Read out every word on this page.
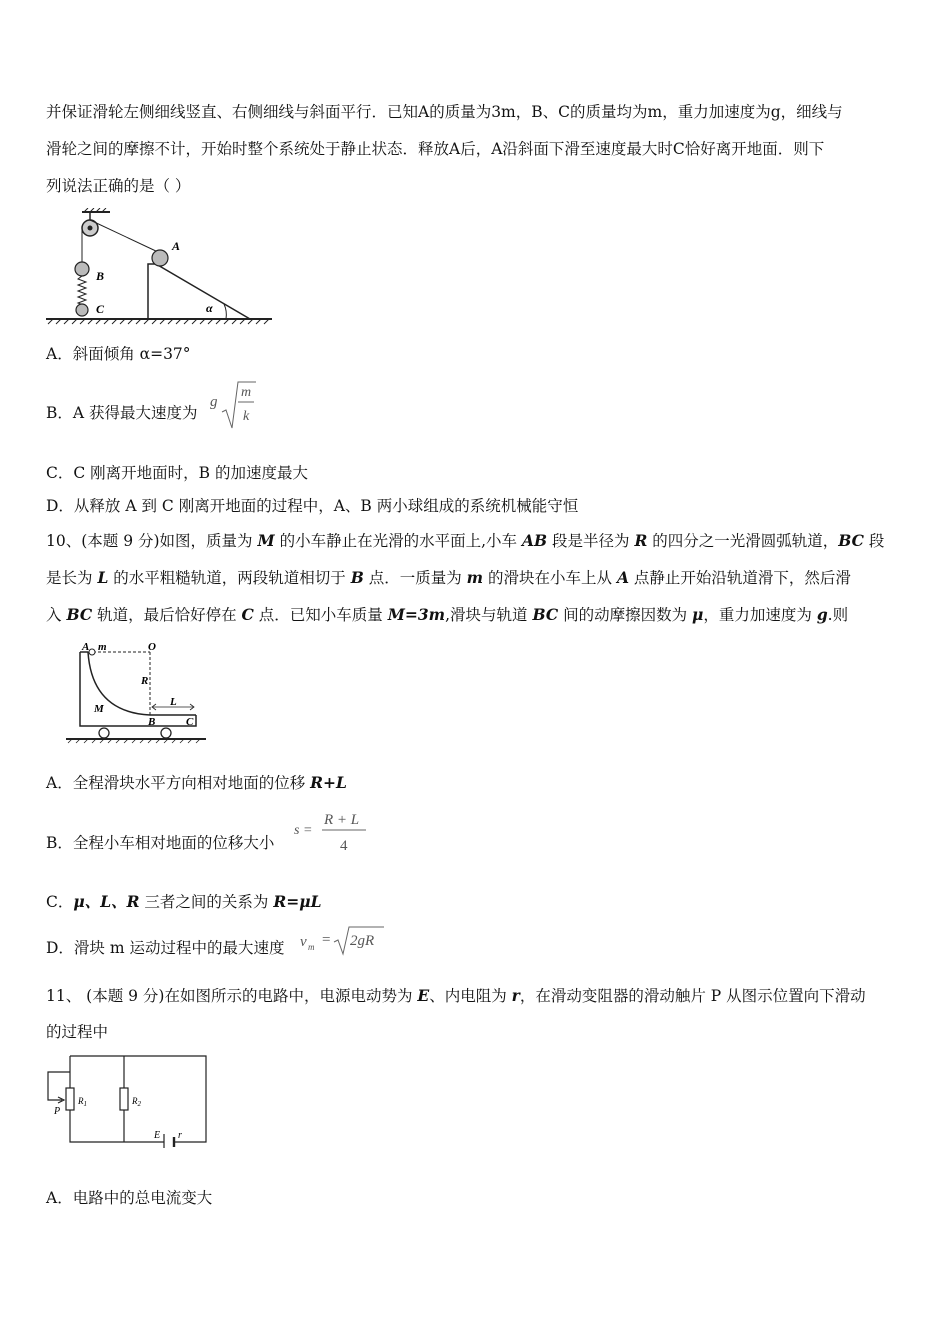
并保证滑轮左侧细线竖直、右侧细线与斜面平行．已知A的质量为3m，B、C的质量均为m，重力加速度为g，细线与
滑轮之间的摩擦不计，开始时整个系统处于静止状态．释放A后，A沿斜面下滑至速度最大时C恰好离开地面．则下
列说法正确的是（ ）
B
C
A
α
A．斜面倾角 α=37°
B．A 获得最大速度为
g
m
k
C．C 刚离开地面时，B 的加速度最大
D．从释放 A 到 C 刚离开地面的过程中，A、B 两小球组成的系统机械能守恒
10、(本题 9 分)如图，质量为 M 的小车静止在光滑的水平面上,小车 AB 段是半径为 R 的四分之一光滑圆弧轨道，BC 段
是长为 L 的水平粗糙轨道，两段轨道相切于 B 点．一质量为 m 的滑块在小车上从 A 点静止开始沿轨道滑下，然后滑
入 BC 轨道，最后恰好停在 C 点．已知小车质量 M=3m,滑块与轨道 BC 间的动摩擦因数为 μ，重力加速度为 g.则
A m	O
R
M
B
L
C
A．全程滑块水平方向相对地面的位移 R+L
B．全程小车相对地面的位移大小
s =
R + L
4
C．μ、L、R 三者之间的关系为 R=μL
D．滑块 m 运动过程中的最大速度	v m = 2gR
11、 (本题 9 分)在如图所示的电路中，电源电动势为 E、内电阻为 r，在滑动变阻器的滑动触片 P 从图示位置向下滑动
的过程中
$R_1$
P
$R_2$
E r
A．电路中的总电流变大
